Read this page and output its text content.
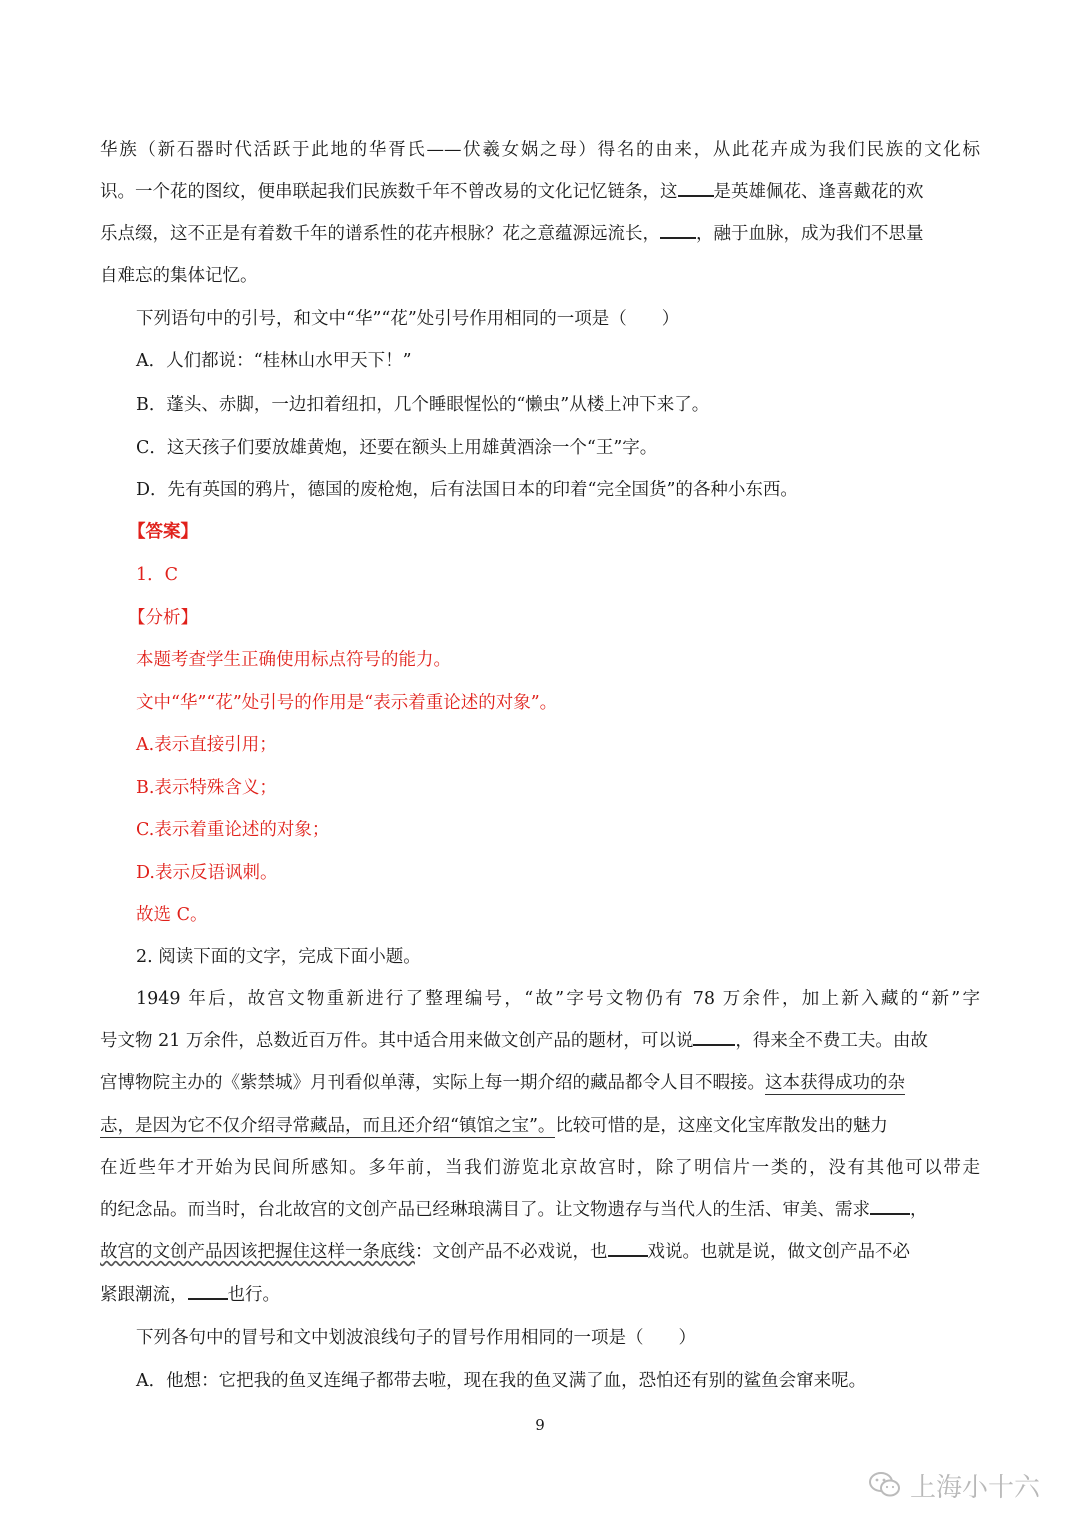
华族（新石器时代活跃于此地的华胥氏——伏羲女娲之母）得名的由来，从此花卉成为我们民族的文化标
识。一个花的图纹，便串联起我们民族数千年不曾改易的文化记忆链条，这 是英雄佩花、逢喜戴花的欢
乐点缀，这不正是有着数千年的谱系性的花卉根脉？花之意蕴源远流长， ，融于血脉，成为我们不思量
自难忘的集体记忆。
下列语句中的引号，和文中“华”“花”处引号作用相同的一项是（　　）
A．人们都说：“桂林山水甲天下！”
B．蓬头、赤脚，一边扣着纽扣，几个睡眼惺忪的“懒虫”从楼上冲下来了。
C．这天孩子们要放雄黄炮，还要在额头上用雄黄酒涂一个“王”字。
D．先有英国的鸦片，德国的废枪炮，后有法国日本的印着“完全国货”的各种小东西。
【答案】
1．C
【分析】
本题考查学生正确使用标点符号的能力。
文中“华”“花”处引号的作用是“表示着重论述的对象”。
A.表示直接引用；
B.表示特殊含义；
C.表示着重论述的对象；
D.表示反语讽刺。
故选 C。
2. 阅读下面的文字，完成下面小题。
1949 年后，故宫文物重新进行了整理编号，“故”字号文物仍有 78 万余件，加上新入藏的“新”字
号文物 21 万余件，总数近百万件。其中适合用来做文创产品的题材，可以说 ，得来全不费工夫。由故
宫博物院主办的《紫禁城》月刊看似单薄，实际上每一期介绍的藏品都令人目不暇接。这本获得成功的杂
志，是因为它不仅介绍寻常藏品，而且还介绍“镇馆之宝”。比较可惜的是，这座文化宝库散发出的魅力
在近些年才开始为民间所感知。多年前，当我们游览北京故宫时，除了明信片一类的，没有其他可以带走
的纪念品。而当时，台北故宫的文创产品已经琳琅满目了。让文物遗存与当代人的生活、审美、需求 ，
故宫的文创产品因该把握住这样一条底线：文创产品不必戏说，也 戏说。也就是说，做文创产品不必
紧跟潮流， 也行。
下列各句中的冒号和文中划波浪线句子的冒号作用相同的一项是（　　）
A．他想：它把我的鱼叉连绳子都带去啦，现在我的鱼叉满了血，恐怕还有别的鲨鱼会窜来呢。
9
上海小十六
